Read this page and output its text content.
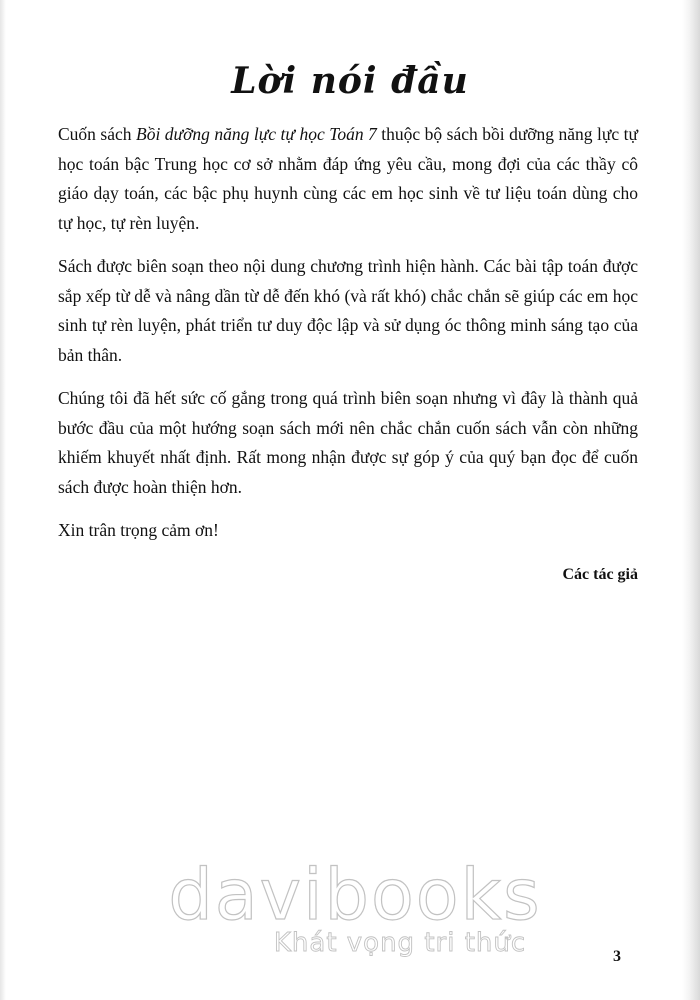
Lời nói đầu

Cuốn sách Bồi dưỡng năng lực tự học Toán 7 thuộc bộ sách bồi dưỡng năng lực tự học toán bậc Trung học cơ sở nhằm đáp ứng yêu cầu, mong đợi của các thầy cô giáo dạy toán, các bậc phụ huynh cùng các em học sinh về tư liệu toán dùng cho tự học, tự rèn luyện.

Sách được biên soạn theo nội dung chương trình hiện hành. Các bài tập toán được sắp xếp từ dễ và nâng dần từ dễ đến khó (và rất khó) chắc chắn sẽ giúp các em học sinh tự rèn luyện, phát triển tư duy độc lập và sử dụng óc thông minh sáng tạo của bản thân.

Chúng tôi đã hết sức cố gắng trong quá trình biên soạn nhưng vì đây là thành quả bước đầu của một hướng soạn sách mới nên chắc chắn cuốn sách vẫn còn những khiếm khuyết nhất định. Rất mong nhận được sự góp ý của quý bạn đọc để cuốn sách được hoàn thiện hơn.

Xin trân trọng cảm ơn!

Các tác giả
davibooks
Khát vọng tri thức	3
